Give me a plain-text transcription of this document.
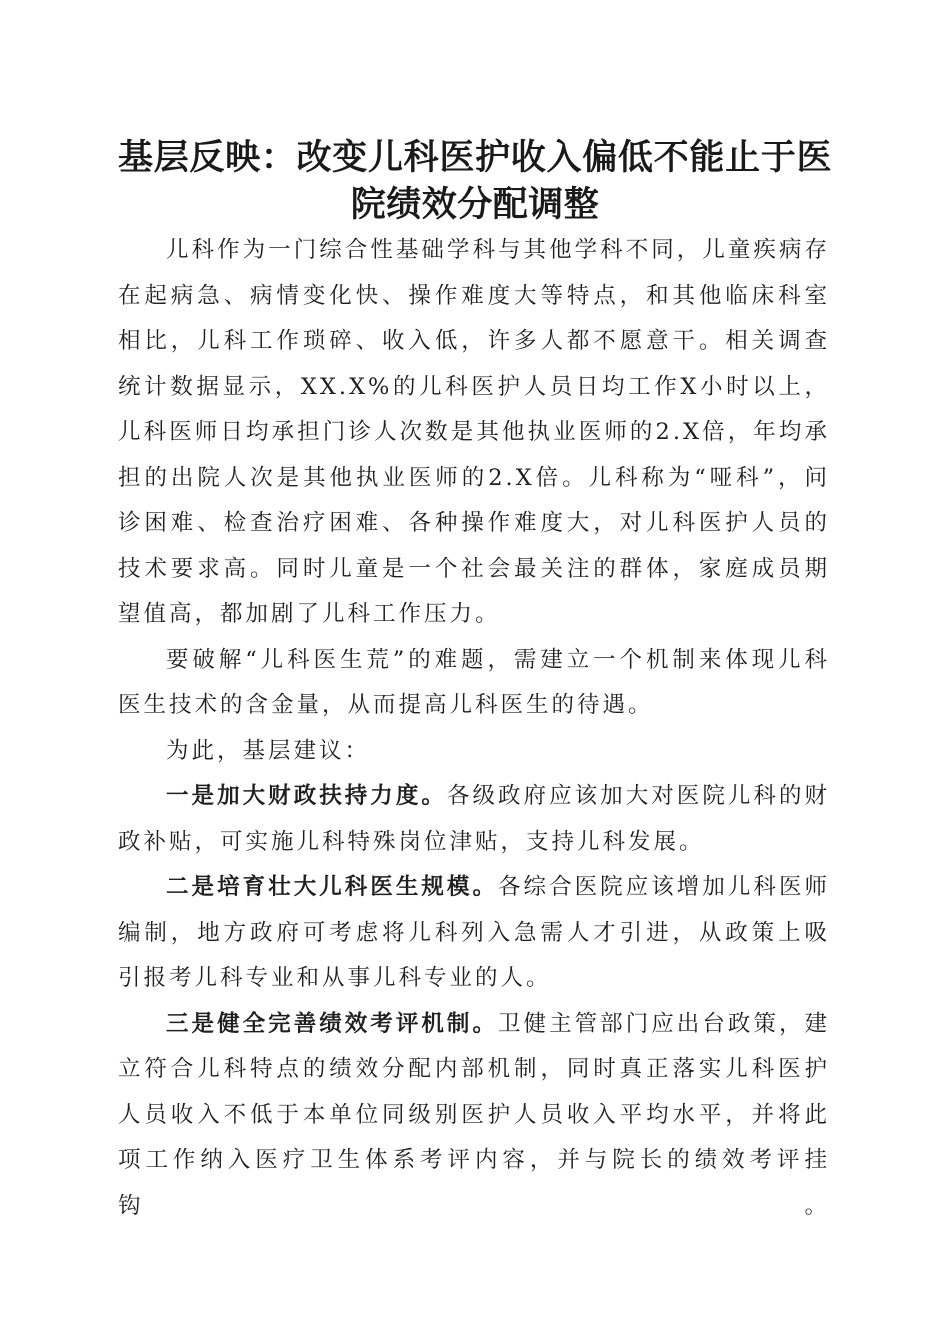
基层反映：改变儿科医护收入偏低不能止于医院绩效分配调整

儿科作为一门综合性基础学科与其他学科不同，儿童疾病存在起病急、病情变化快、操作难度大等特点，和其他临床科室相比，儿科工作琐碎、收入低，许多人都不愿意干。相关调查统计数据显示，XX.X%的儿科医护人员日均工作X小时以上，儿科医师日均承担门诊人次数是其他执业医师的2.X倍，年均承担的出院人次是其他执业医师的2.X倍。儿科称为“哑科”，问诊困难、检查治疗困难、各种操作难度大，对儿科医护人员的技术要求高。同时儿童是一个社会最关注的群体，家庭成员期望值高，都加剧了儿科工作压力。

要破解“儿科医生荒”的难题，需建立一个机制来体现儿科医生技术的含金量，从而提高儿科医生的待遇。

为此，基层建议：

一是加大财政扶持力度。各级政府应该加大对医院儿科的财政补贴，可实施儿科特殊岗位津贴，支持儿科发展。

二是培育壮大儿科医生规模。各综合医院应该增加儿科医师编制，地方政府可考虑将儿科列入急需人才引进，从政策上吸引报考儿科专业和从事儿科专业的人。

三是健全完善绩效考评机制。卫健主管部门应出台政策，建立符合儿科特点的绩效分配内部机制，同时真正落实儿科医护人员收入不低于本单位同级别医护人员收入平均水平，并将此项工作纳入医疗卫生体系考评内容，并与院长的绩效考评挂钩。
